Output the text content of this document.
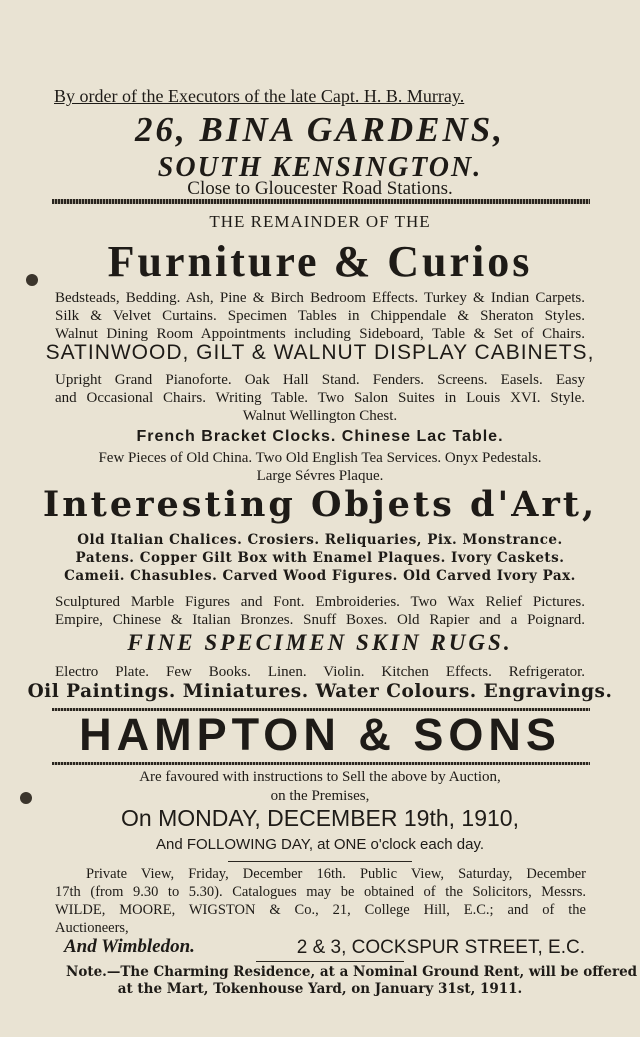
By order of the Executors of the late Capt. H. B. Murray.
26, BINA GARDENS,
SOUTH KENSINGTON.
Close to Gloucester Road Stations.
THE REMAINDER OF THE
Furniture & Curios
Bedsteads, Bedding. Ash, Pine & Birch Bedroom Effects. Turkey & Indian Carpets.
Silk & Velvet Curtains. Specimen Tables in Chippendale & Sheraton Styles.
Walnut Dining Room Appointments including Sideboard, Table & Set of Chairs.
SATINWOOD, GILT & WALNUT DISPLAY CABINETS,
Upright Grand Pianoforte. Oak Hall Stand. Fenders. Screens. Easels. Easy
and Occasional Chairs. Writing Table. Two Salon Suites in Louis XVI. Style.
Walnut Wellington Chest.
French Bracket Clocks. Chinese Lac Table.
Few Pieces of Old China. Two Old English Tea Services. Onyx Pedestals.
Large Sévres Plaque.
Interesting Objets d'Art,
Old Italian Chalices. Crosiers. Reliquaries, Pix. Monstrance.
Patens. Copper Gilt Box with Enamel Plaques. Ivory Caskets.
Cameii. Chasubles. Carved Wood Figures. Old Carved Ivory Pax.
Sculptured Marble Figures and Font. Embroideries. Two Wax Relief Pictures.
Empire, Chinese & Italian Bronzes. Snuff Boxes. Old Rapier and a Poignard.
FINE SPECIMEN SKIN RUGS.
Electro Plate. Few Books. Linen. Violin. Kitchen Effects. Refrigerator.
Oil Paintings. Miniatures. Water Colours. Engravings.
HAMPTON & SONS
Are favoured with instructions to Sell the above by Auction,
on the Premises,
On MONDAY, DECEMBER 19th, 1910,
And FOLLOWING DAY, at ONE o'clock each day.
Private View, Friday, December 16th. Public View, Saturday, December
17th (from 9.30 to 5.30). Catalogues may be obtained of the Solicitors, Messrs.
WILDE, MOORE, WIGSTON & Co., 21, College Hill, E.C.; and of the
Auctioneers,
And Wimbledon.	2 & 3, COCKSPUR STREET, E.C.
Note.—The Charming Residence, at a Nominal Ground Rent, will be offered
at the Mart, Tokenhouse Yard, on January 31st, 1911.
